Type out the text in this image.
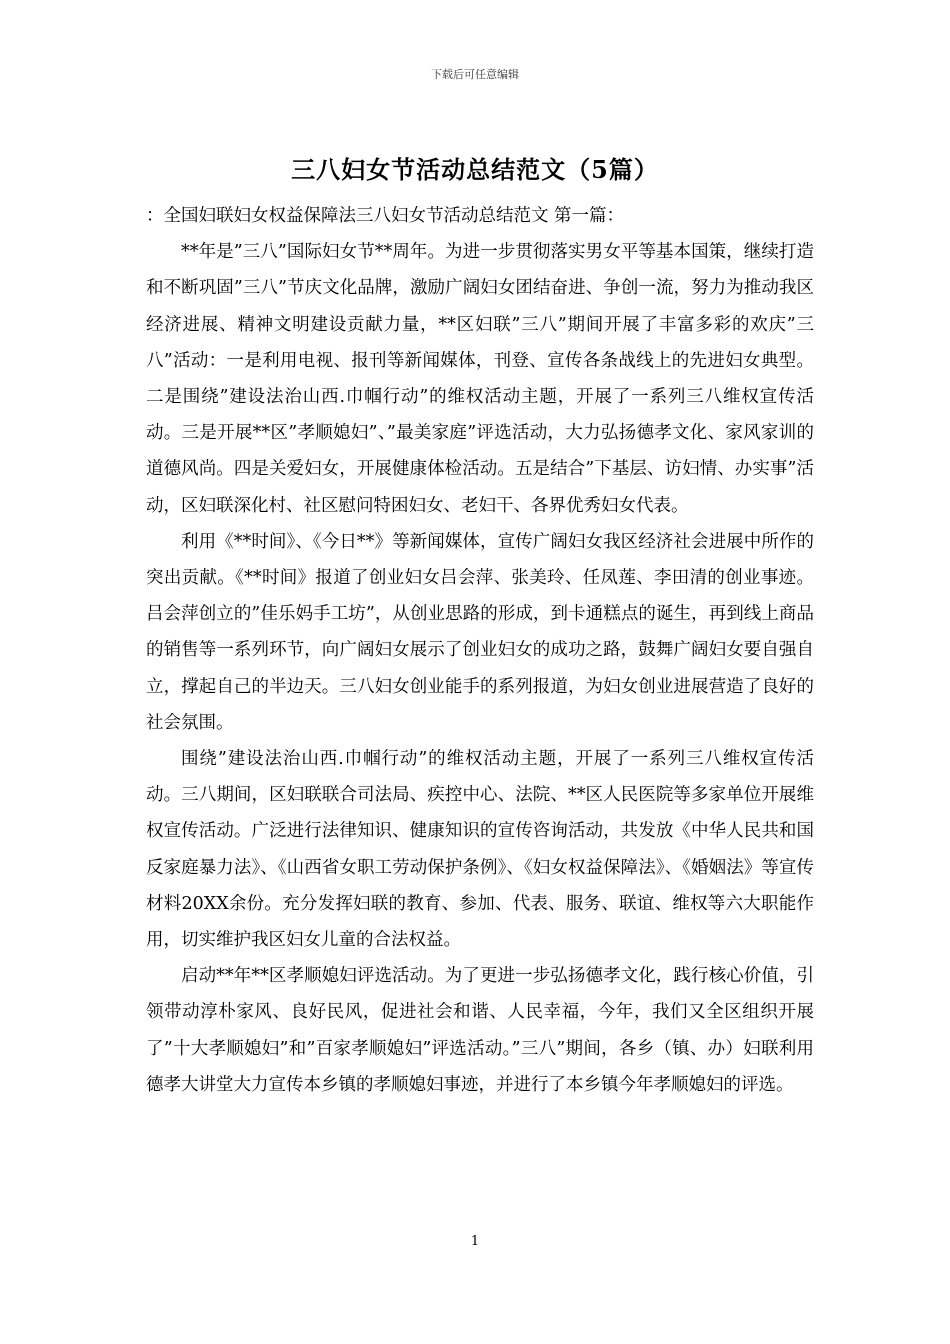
下载后可任意编辑
三八妇女节活动总结范文（5篇）

：全国妇联妇女权益保障法三八妇女节活动总结范文 第一篇：

**年是”三八”国际妇女节**周年。为进一步贯彻落实男女平等基本国策，继续打造和不断巩固”三八”节庆文化品牌，激励广阔妇女团结奋进、争创一流，努力为推动我区经济进展、精神文明建设贡献力量，**区妇联”三八”期间开展了丰富多彩的欢庆”三八”活动：一是利用电视、报刊等新闻媒体，刊登、宣传各条战线上的先进妇女典型。二是围绕”建设法治山西.巾帼行动”的维权活动主题，开展了一系列三八维权宣传活动。三是开展**区”孝顺媳妇”、”最美家庭”评选活动，大力弘扬德孝文化、家风家训的道德风尚。四是关爱妇女，开展健康体检活动。五是结合”下基层、访妇情、办实事”活动，区妇联深化村、社区慰问特困妇女、老妇干、各界优秀妇女代表。

利用《**时间》、《今日**》等新闻媒体，宣传广阔妇女我区经济社会进展中所作的突出贡献。《**时间》报道了创业妇女吕会萍、张美玲、任凤莲、李田清的创业事迹。吕会萍创立的”佳乐妈手工坊”，从创业思路的形成，到卡通糕点的诞生，再到线上商品的销售等一系列环节，向广阔妇女展示了创业妇女的成功之路，鼓舞广阔妇女要自强自立，撑起自己的半边天。三八妇女创业能手的系列报道，为妇女创业进展营造了良好的社会氛围。

围绕”建设法治山西.巾帼行动”的维权活动主题，开展了一系列三八维权宣传活动。三八期间，区妇联联合司法局、疾控中心、法院、**区人民医院等多家单位开展维权宣传活动。广泛进行法律知识、健康知识的宣传咨询活动，共发放《中华人民共和国反家庭暴力法》、《山西省女职工劳动保护条例》、《妇女权益保障法》、《婚姻法》等宣传材料20XX余份。充分发挥妇联的教育、参加、代表、服务、联谊、维权等六大职能作用，切实维护我区妇女儿童的合法权益。

启动**年**区孝顺媳妇评选活动。为了更进一步弘扬德孝文化，践行核心价值，引领带动淳朴家风、良好民风，促进社会和谐、人民幸福，今年，我们又全区组织开展了”十大孝顺媳妇”和”百家孝顺媳妇”评选活动。”三八”期间，各乡（镇、办）妇联利用德孝大讲堂大力宣传本乡镇的孝顺媳妇事迹，并进行了本乡镇今年孝顺媳妇的评选。

1
